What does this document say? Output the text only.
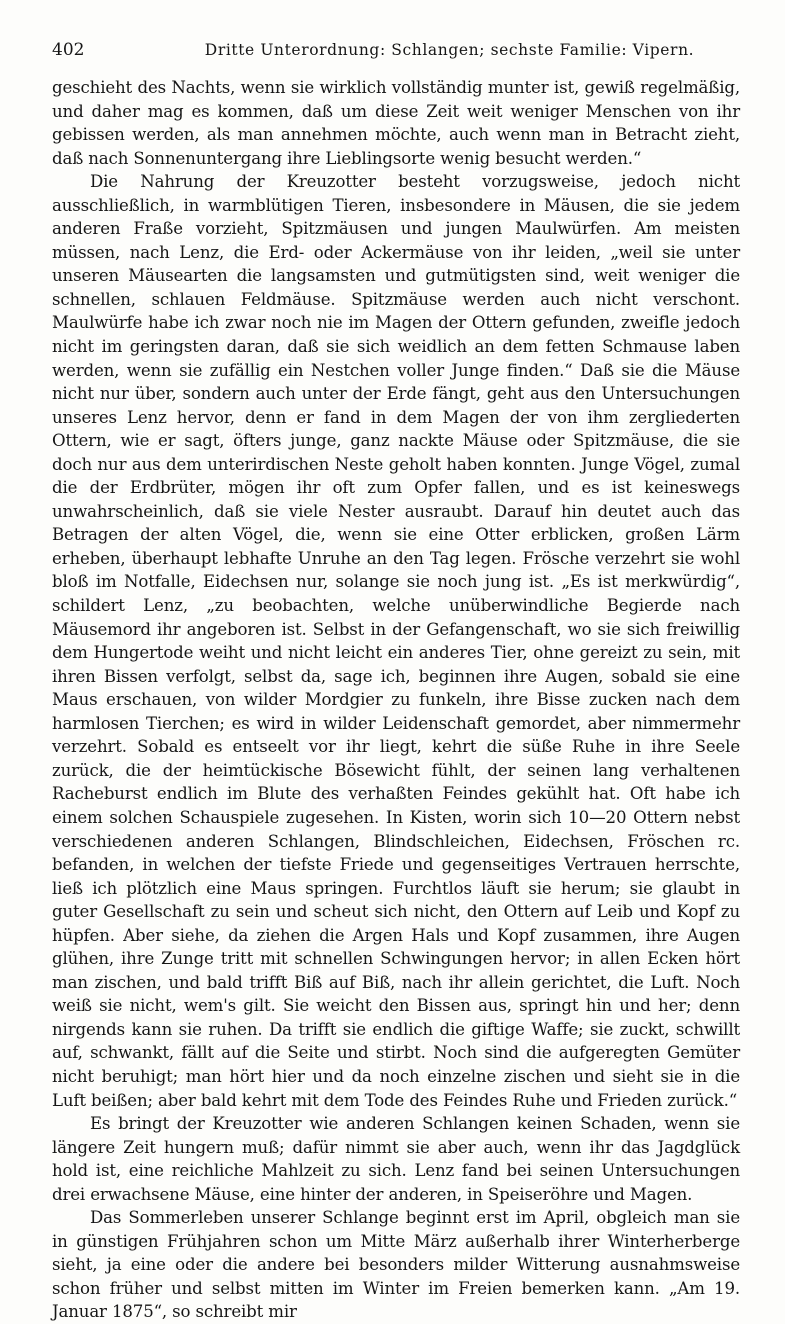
402	Dritte Unterordnung: Schlangen; sechste Familie: Vipern.

geschieht des Nachts, wenn sie wirklich vollständig munter ist, gewiß regelmäßig, und daher mag es kommen, daß um diese Zeit weit weniger Menschen von ihr gebissen werden, als man annehmen möchte, auch wenn man in Betracht zieht, daß nach Sonnenuntergang ihre Lieblingsorte wenig besucht werden.“

Die Nahrung der Kreuzotter besteht vorzugsweise, jedoch nicht ausschließlich, in warmblütigen Tieren, insbesondere in Mäusen, die sie jedem anderen Fraße vorzieht, Spitzmäusen und jungen Maulwürfen. Am meisten müssen, nach Lenz, die Erd- oder Ackermäuse von ihr leiden, „weil sie unter unseren Mäusearten die langsamsten und gutmütigsten sind, weit weniger die schnellen, schlauen Feldmäuse. Spitzmäuse werden auch nicht verschont. Maulwürfe habe ich zwar noch nie im Magen der Ottern gefunden, zweifle jedoch nicht im geringsten daran, daß sie sich weidlich an dem fetten Schmause laben werden, wenn sie zufällig ein Nestchen voller Junge finden.“ Daß sie die Mäuse nicht nur über, sondern auch unter der Erde fängt, geht aus den Untersuchungen unseres Lenz hervor, denn er fand in dem Magen der von ihm zergliederten Ottern, wie er sagt, öfters junge, ganz nackte Mäuse oder Spitzmäuse, die sie doch nur aus dem unterirdischen Neste geholt haben konnten. Junge Vögel, zumal die der Erdbrüter, mögen ihr oft zum Opfer fallen, und es ist keineswegs unwahrscheinlich, daß sie viele Nester ausraubt. Darauf hin deutet auch das Betragen der alten Vögel, die, wenn sie eine Otter erblicken, großen Lärm erheben, überhaupt lebhafte Unruhe an den Tag legen. Frösche verzehrt sie wohl bloß im Notfalle, Eidechsen nur, solange sie noch jung ist. „Es ist merkwürdig“, schildert Lenz, „zu beobachten, welche unüberwindliche Begierde nach Mäusemord ihr angeboren ist. Selbst in der Gefangenschaft, wo sie sich freiwillig dem Hungertode weiht und nicht leicht ein anderes Tier, ohne gereizt zu sein, mit ihren Bissen verfolgt, selbst da, sage ich, beginnen ihre Augen, sobald sie eine Maus erschauen, von wilder Mordgier zu funkeln, ihre Bisse zucken nach dem harmlosen Tierchen; es wird in wilder Leidenschaft gemordet, aber nimmermehr verzehrt. Sobald es entseelt vor ihr liegt, kehrt die süße Ruhe in ihre Seele zurück, die der heimtückische Bösewicht fühlt, der seinen lang verhaltenen Racheburst endlich im Blute des verhaßten Feindes gekühlt hat. Oft habe ich einem solchen Schauspiele zugesehen. In Kisten, worin sich 10—20 Ottern nebst verschiedenen anderen Schlangen, Blindschleichen, Eidechsen, Fröschen rc. befanden, in welchen der tiefste Friede und gegenseitiges Vertrauen herrschte, ließ ich plötzlich eine Maus springen. Furchtlos läuft sie herum; sie glaubt in guter Gesellschaft zu sein und scheut sich nicht, den Ottern auf Leib und Kopf zu hüpfen. Aber siehe, da ziehen die Argen Hals und Kopf zusammen, ihre Augen glühen, ihre Zunge tritt mit schnellen Schwingungen hervor; in allen Ecken hört man zischen, und bald trifft Biß auf Biß, nach ihr allein gerichtet, die Luft. Noch weiß sie nicht, wem's gilt. Sie weicht den Bissen aus, springt hin und her; denn nirgends kann sie ruhen. Da trifft sie endlich die giftige Waffe; sie zuckt, schwillt auf, schwankt, fällt auf die Seite und stirbt. Noch sind die aufgeregten Gemüter nicht beruhigt; man hört hier und da noch einzelne zischen und sieht sie in die Luft beißen; aber bald kehrt mit dem Tode des Feindes Ruhe und Frieden zurück.“

Es bringt der Kreuzotter wie anderen Schlangen keinen Schaden, wenn sie längere Zeit hungern muß; dafür nimmt sie aber auch, wenn ihr das Jagdglück hold ist, eine reichliche Mahlzeit zu sich. Lenz fand bei seinen Untersuchungen drei erwachsene Mäuse, eine hinter der anderen, in Speiseröhre und Magen.

Das Sommerleben unserer Schlange beginnt erst im April, obgleich man sie in günstigen Frühjahren schon um Mitte März außerhalb ihrer Winterherberge sieht, ja eine oder die andere bei besonders milder Witterung ausnahmsweise schon früher und selbst mitten im Winter im Freien bemerken kann. „Am 19. Januar 1875“, so schreibt mir
